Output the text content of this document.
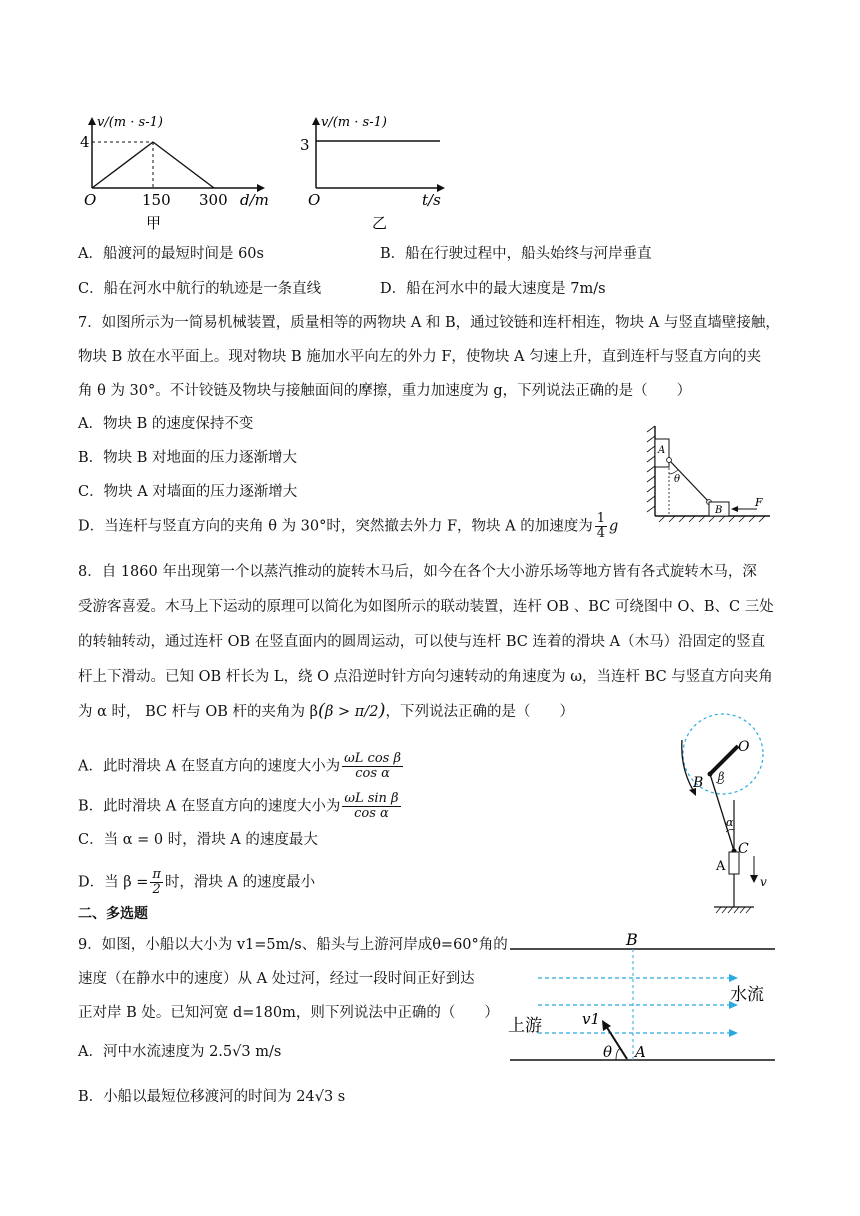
v/(m · s-1)
4
O	150 300 d/m
甲
v/(m · s-1)
3
O	t/s
乙
A．船渡河的最短时间是 60s	B．船在行驶过程中，船头始终与河岸垂直
C．船在河水中航行的轨迹是一条直线	D．船在河水中的最大速度是 7m/s
7．如图所示为一简易机械装置，质量相等的两物块 A 和 B，通过铰链和连杆相连，物块 A 与竖直墙壁接触，
物块 B 放在水平面上。现对物块 B 施加水平向左的外力 F，使物块 A 匀速上升，直到连杆与竖直方向的夹
角 θ 为 30°。不计铰链及物块与接触面间的摩擦，重力加速度为 g，下列说法正确的是（　　）
A．物块 B 的速度保持不变
B．物块 B 对地面的压力逐渐增大
C．物块 A 对墙面的压力逐渐增大
D．当连杆与竖直方向的夹角 θ 为 30°时，突然撤去外力 F，物块 A 的加速度为 $\frac{1}{4}$ g
A
θ
B
F
8．自 1860 年出现第一个以蒸汽推动的旋转木马后，如今在各个大小游乐场等地方皆有各式旋转木马，深
受游客喜爱。木马上下运动的原理可以简化为如图所示的联动装置，连杆 OB 、BC 可绕图中 O、B、C 三处
的转轴转动，通过连杆 OB 在竖直面内的圆周运动，可以使与连杆 BC 连着的滑块 A（木马）沿固定的竖直
杆上下滑动。已知 OB 杆长为 L，绕 O 点沿逆时针方向匀速转动的角速度为 ω，当连杆 BC 与竖直方向夹角
为 α 时， BC 杆与 OB 杆的夹角为 β(β > π/2)，下列说法正确的是（　　）
A．此时滑块 A 在竖直方向的速度大小为 $\frac{\text{ωL cos β}}{\text{cos α}}$
B．此时滑块 A 在竖直方向的速度大小为 $\frac{\text{ωL sin β}}{\text{cos α}}$
C．当 α = 0 时，滑块 A 的速度最大
D．当 $\beta = \frac{\pi}{2}$ 时，滑块 A 的速度最小
O
B β
α
C
A
v
二、多选题
9．如图，小船以大小为 v1=5m/s、船头与上游河岸成θ=60°角的
速度（在静水中的速度）从 A 处过河，经过一段时间正好到达
正对岸 B 处。已知河宽 d=180m，则下列说法中正确的（　　）
A．河中水流速度为 2.5√3 m/s
B．小船以最短位移渡河的时间为 24√3 s
B
水流
上游	v1
θ A
